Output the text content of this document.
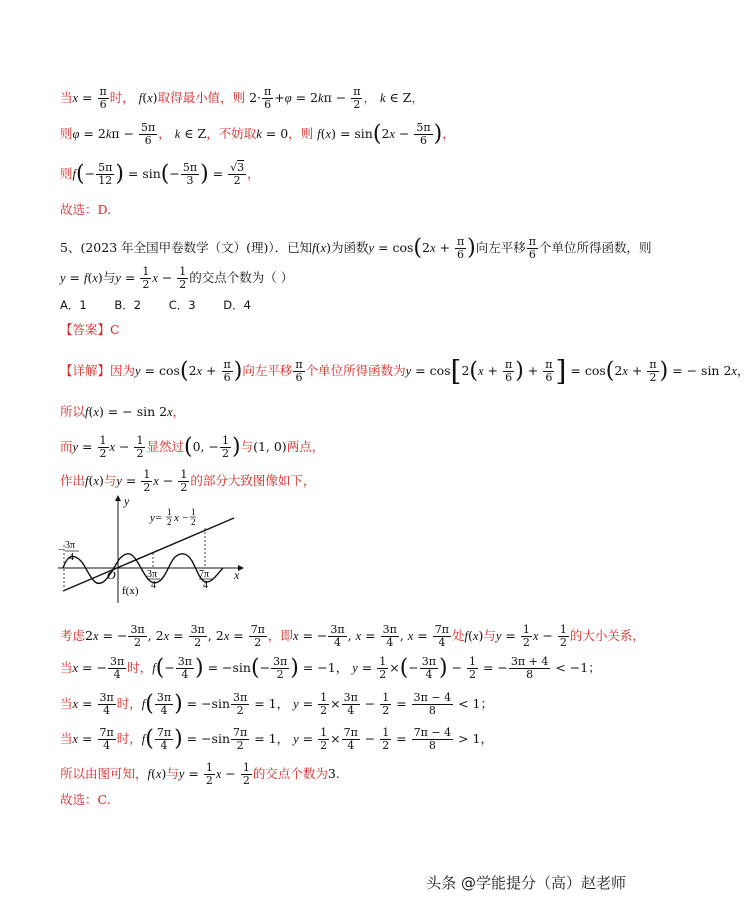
当$x = \frac{\pi}{6}$ 时， f(x)取得最小值，则 $2\cdot \frac{\pi}{6} +\varphi = 2k\pi - \frac{\pi}{2}$ ， k ∈ Z，
则$\varphi = 2k\pi - \frac{5\pi}{6}$ ， k ∈ Z，不妨取k = 0，则 $f(x) = \sin(2x - \frac{5\pi}{6}$ )，
则$f(- \frac{5\pi}{12}$ ) = $\sin(- \frac{5\pi}{3}$ ) = $\frac{√3}{2}$ ，
故选：D.
5、(2023 年全国甲卷数学（文）(理)）．已知f(x)为函数$y = \cos(2x + \frac{\pi}{6}$ )向左平移 $\frac{\pi}{6}$ 个单位所得函数，则
y = f(x)与$y = \frac{1}{2}$ $x - \frac{1}{2}$ 的交点个数为（ ）
A．1 B．2 C．3 D．4
【答案】C
【详解】因为$y = \cos(2x + \frac{\pi}{6}$ )向左平移 $\frac{\pi}{6}$ 个单位所得函数为$y = \cos[2(x + \frac{\pi}{6}$ ) + $\frac{\pi}{6}$ ] = $\cos(2x + \frac{\pi}{2}$ ) = − sin 2x，
所以f(x) = − sin 2x，
而$y = \frac{1}{2}$ $x - \frac{1}{2}$ 显然过(0, − $\frac{1}{2}$ )与(1, 0)两点，
作出f(x)与$y = \frac{1}{2}$ $x - \frac{1}{2}$ 的部分大致图像如下，
y
x
O
f(x)
y= 1
2 x − 1
2
− 3π
4
3π
4
7π
4
考虑2x = − $\frac{3\pi}{2}$ , $2x = \frac{3\pi}{2}$ , $2x = \frac{7\pi}{2}$ ，即x = − $\frac{3\pi}{4}$ , $x = \frac{3\pi}{4}$ , $x = \frac{7\pi}{4}$ 处f(x)与$y = \frac{1}{2}$ $x - \frac{1}{2}$ 的大小关系，
当x = − $\frac{3\pi}{4}$ 时，$f(- \frac{3\pi}{4}$ ) = $-\sin(- \frac{3\pi}{2}$ ) = −1， $y = \frac{1}{2}$ ×(− $\frac{3\pi}{4}$ ) − $\frac{1}{2}$ = − $\frac{3\pi + 4}{8} < -1$；
当$x = \frac{3\pi}{4}$ 时，$f( \frac{3\pi}{4}$ ) = $-\sin \frac{3\pi}{2} = 1$， $y = \frac{1}{2} \times \frac{3\pi}{4} - \frac{1}{2} = \frac{3\pi - 4}{8} < 1$；
当$x = \frac{7\pi}{4}$ 时，$f( \frac{7\pi}{4}$ ) = $-\sin \frac{7\pi}{2} = 1$， $y = \frac{1}{2} \times \frac{7\pi}{4} - \frac{1}{2} = \frac{7\pi - 4}{8} > 1$，
所以由图可知，f(x)与$y = \frac{1}{2}$ $x - \frac{1}{2}$ 的交点个数为3.
故选：C.
头条 @学能提分（高）赵老师
